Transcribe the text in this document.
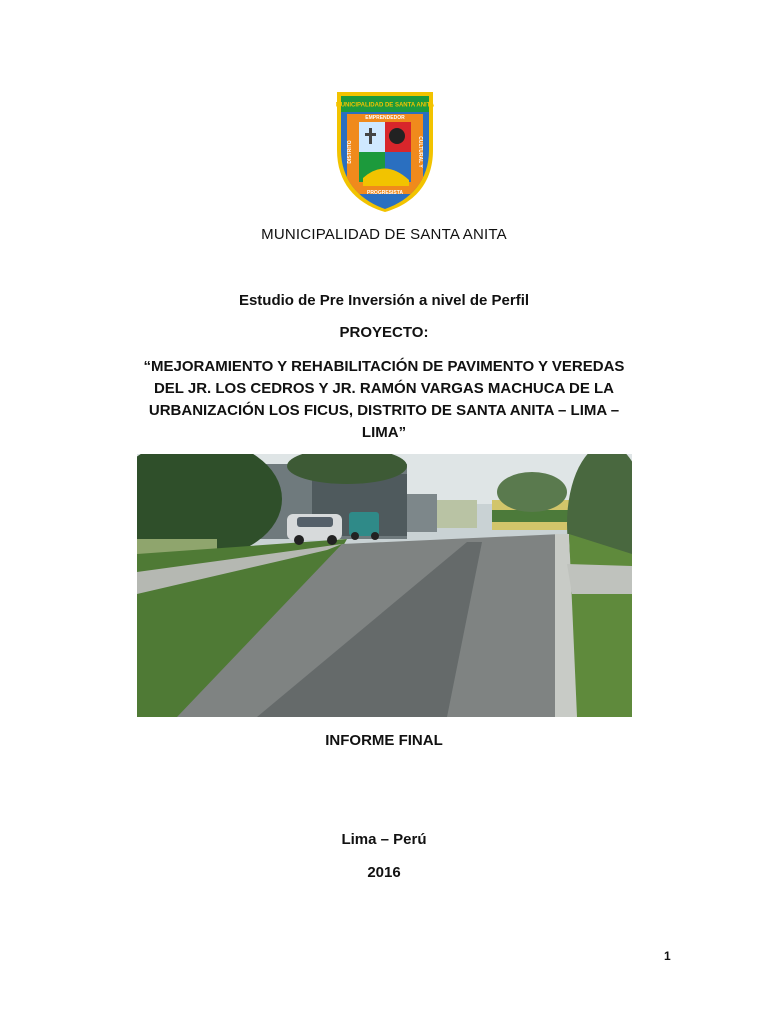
MUNICIPALIDAD DE SANTA ANITA
EMPRENDEDOR
DISTRITO	CULTURAL Y
PROGRESISTA
MUNICIPALIDAD DE SANTA ANITA
Estudio de Pre Inversión a nivel de Perfil
PROYECTO:
“MEJORAMIENTO Y REHABILITACIÓN DE PAVIMENTO Y VEREDAS
DEL JR. LOS CEDROS Y JR. RAMÓN VARGAS MACHUCA DE LA
URBANIZACIÓN LOS FICUS, DISTRITO DE SANTA ANITA – LIMA –
LIMA”
INFORME FINAL
Lima – Perú
2016
1
